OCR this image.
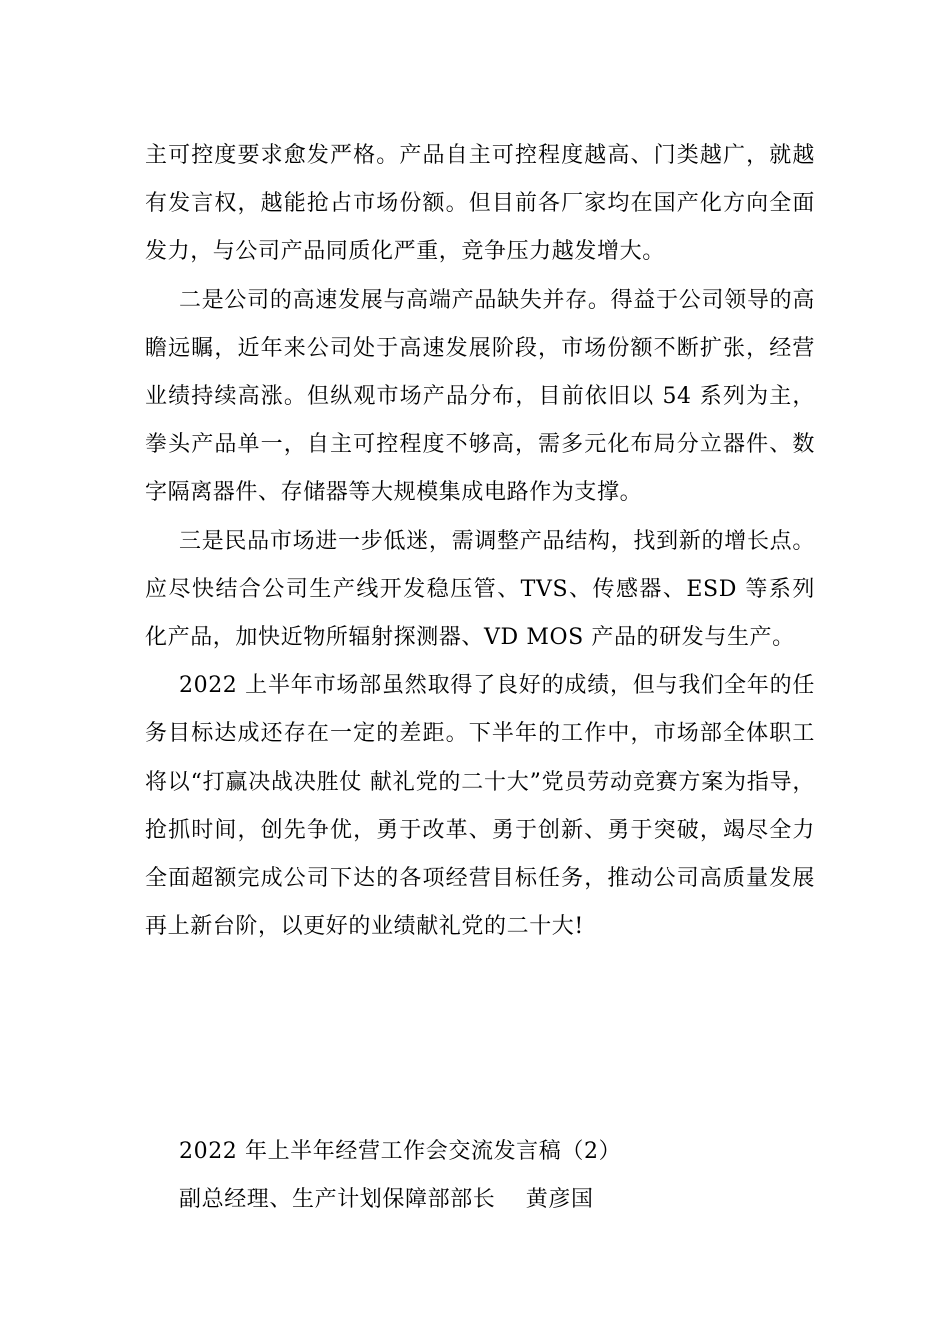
主可控度要求愈发严格。产品自主可控程度越高、门类越广，就越有发言权，越能抢占市场份额。但目前各厂家均在国产化方向全面发力，与公司产品同质化严重，竞争压力越发增大。

二是公司的高速发展与高端产品缺失并存。得益于公司领导的高瞻远瞩，近年来公司处于高速发展阶段，市场份额不断扩张，经营业绩持续高涨。但纵观市场产品分布，目前依旧以 54 系列为主，拳头产品单一，自主可控程度不够高，需多元化布局分立器件、数字隔离器件、存储器等大规模集成电路作为支撑。

三是民品市场进一步低迷，需调整产品结构，找到新的增长点。应尽快结合公司生产线开发稳压管、TVS、传感器、ESD 等系列化产品，加快近物所辐射探测器、VD MOS 产品的研发与生产。

2022 上半年市场部虽然取得了良好的成绩，但与我们全年的任务目标达成还存在一定的差距。下半年的工作中，市场部全体职工将以“打赢决战决胜仗 献礼党的二十大”党员劳动竞赛方案为指导，抢抓时间，创先争优，勇于改革、勇于创新、勇于突破，竭尽全力全面超额完成公司下达的各项经营目标任务，推动公司高质量发展再上新台阶，以更好的业绩献礼党的二十大!

2022 年上半年经营工作会交流发言稿（2）

副总经理、生产计划保障部部长    黄彦国
